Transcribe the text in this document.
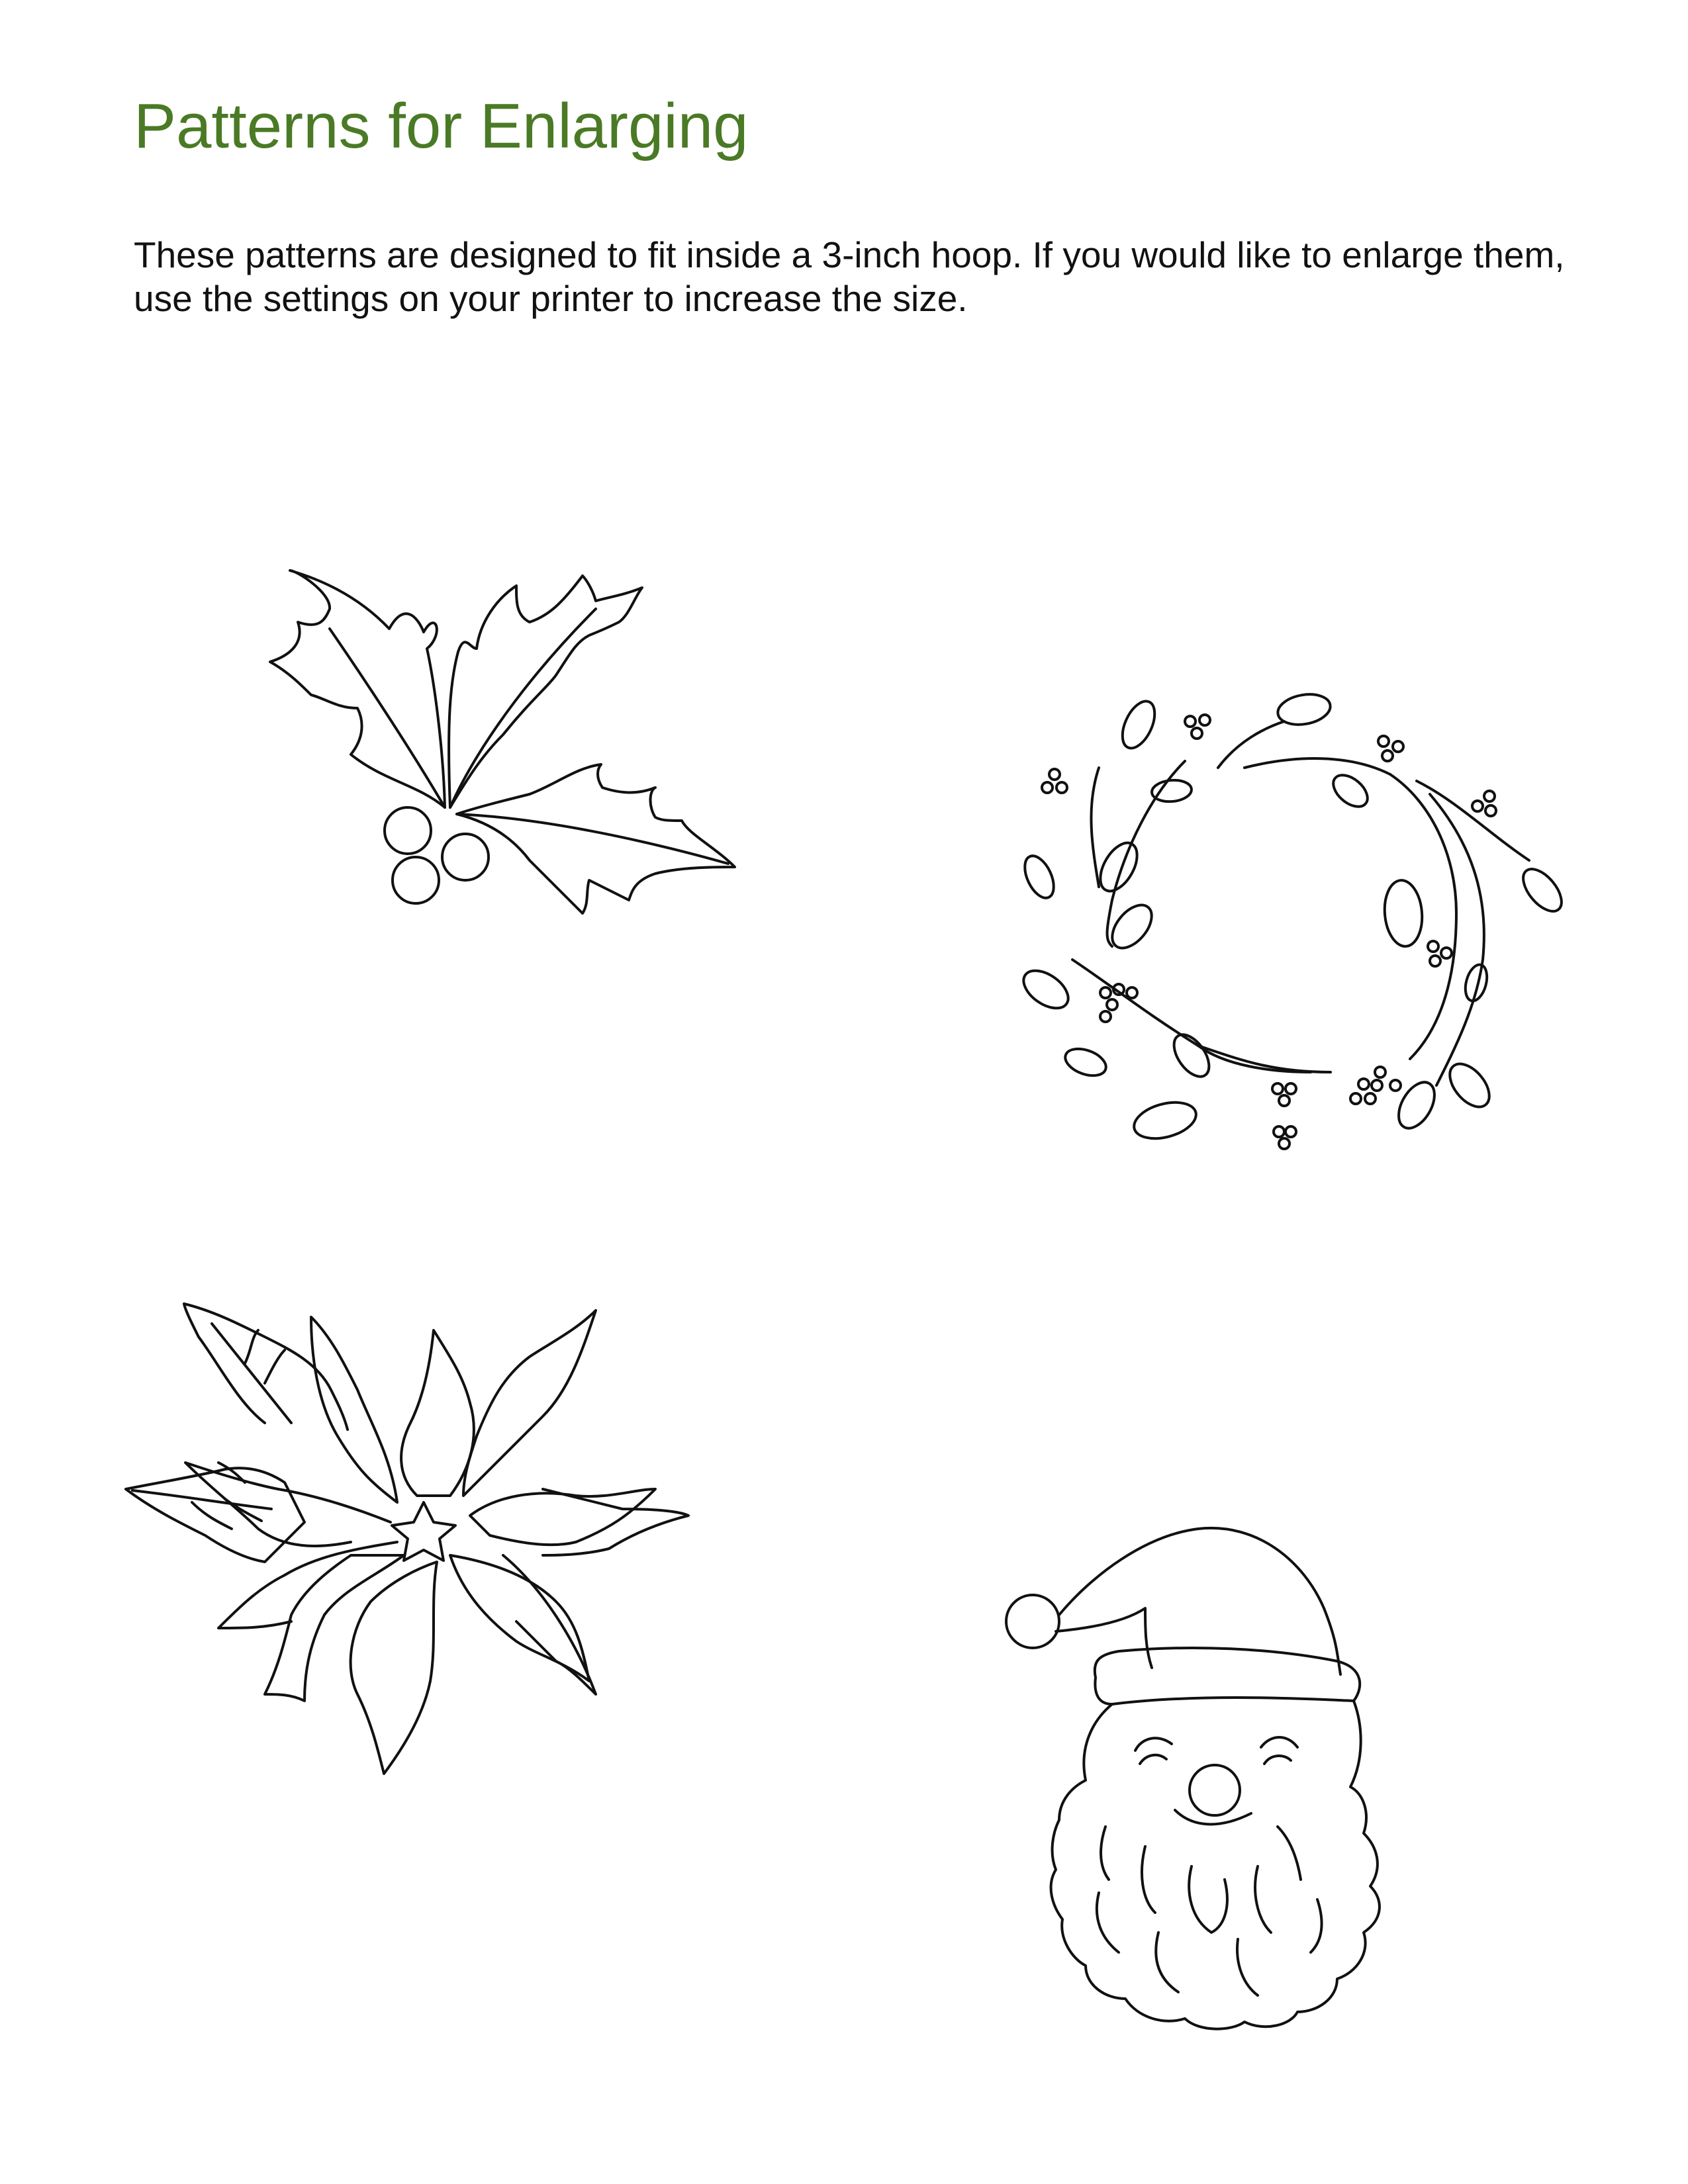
Patterns for Enlarging

These patterns are designed to fit inside a 3-inch hoop. If you would like to enlarge them, use the settings on your printer to increase the size.
